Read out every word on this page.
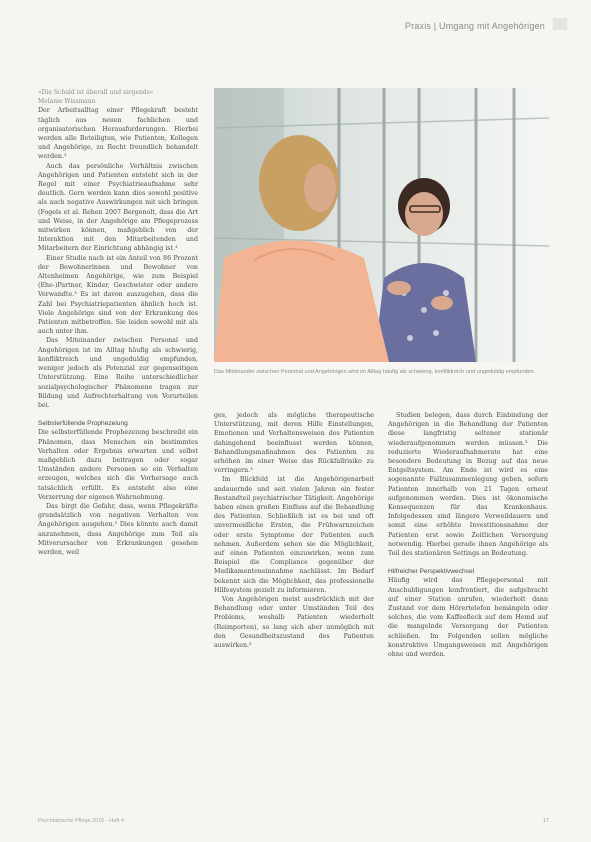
Praxis | Umgang mit Angehörigen

»Die Schuld ist überall und nirgends«

Melanie Wissmann

Der Arbeitsalltag einer Pflegekraft besteht täglich aus neuen fachlichen und organisatorischen Herausforderungen. Hierbei werden alle Beteiligten, wie Patienten, Kollegen und Angehörige, zu Recht freundlich behandelt werden.³

Auch das persönliche Verhältnis zwischen Angehörigen und Patienten entsteht sich in der Regel mit einer Psychiatrieaufnahme sehr deutlich. Gern werden kann dies sowohl positive als auch negative Auswirkungen mit sich bringen (Fogels et al. Rehen 2007 Bergenolt, dass die Art und Weise, in der Angehörige am Pflegeprozess mitwirken können, maßgeblich von der Interaktion mit den Mitarbeitenden und Mitarbeitern der Einrichtung abhängig ist.³

Einer Studie nach ist ein Anteil von 86 Prozent der Bewohnerinnen und Bewohner von Altenheimen Angehörige, wie zum Beispiel (Ehe-)Partner, Kinder, Geschwister oder andere Verwandte.³ Es ist davon auszugehen, dass die Zahl bei Psychiatriepatienten ähnlich hoch ist. Viele Angehörige sind von der Erkrankung des Patienten mitbetroffen. Sie leiden sowohl mit als auch unter ihm.

Das Miteinander zwischen Personal und Angehörigen ist im Alltag häufig als schwierig, konfliktreich und ungeduldig empfunden, weniger jedoch als Potenzial zur gegenseitigen Unterstützung. Eine Reihe unterschiedlicher sozialpsychologischer Phänomene tragen zur Bildung und Aufrechterhaltung von Vorurteilen bei.

Selbsterfüllende Prophezeiung

Die selbsterfüllende Prophezeiung beschreibt ein Phänomen, dass Menschen ein bestimmtes Verhalten oder Ergebnis erwarten und selbst maßgeblich dazu beitragen oder sogar Umständen andere Personen so ein Verhalten erzeugen, welches sich die Vorhersage auch tatsächlich erfüllt. Es entsteht also eine Verzerrung der eigenen Wahrnehmung.

Das birgt die Gefahr, dass, wenn Pflegekräfte grundsätzlich von negativen Verhalten von Angehörigen ausgehen.³ Dies könnte auch damit anzunehmen, dass Angehörige zum Teil als Mitverursacher von Erkrankungen gesehen werden, weil

Das Miteinander zwischen Personal und Angehörigen wird im Alltag häufig als schwierig, konfliktreich und ungeduldig empfunden.

ges, jedoch als mögliche therapeutische Unterstützung, mit deren Hilfe Einstellungen, Emotionen und Verhaltensweisen des Patienten dahingehend beeinflusst werden können, Behandlungsmaßnahmen des Patienten zu erhöhen im einer Weise das Rückfallrisiko zu verringern.³

Im Blickfeld ist die Angehörigenarbeit andauernde und seit vielen Jahren ein fester Bestandteil psychiatrischer Tätigkeit. Angehörige haben einen großen Einfluss auf die Behandlung des Patienten. Schließlich ist es bei und oft unvermeidliche Ersten, die Frühwarnzeichen oder erste Symptome der Patienten auch nehmen. Außerdem sehen sie die Möglichkeit, auf einen Patienten einzuwirken, wenn zum Beispiel die Compliance gegenüber der Medikamenteneinnahme nachlässt. Im Bedarf bekennt sich die Möglichkeit, das professionelle Hilfesystem gezielt zu informieren.

Von Angehörigen meist ausdrücklich mit der Behandlung oder unter Umständen Teil des Problems, weshalb Patienten wiederholt (Reimporten), so lang sich aber unmöglich mit den Gesundheitszustand des Patienten auswirken.³

Studien belegen, dass durch Einbindung der Angehörigen in die Behandlung der Patienten diese langfristig seltener stationär wiederaufgenommen werden müssen.³ Die reduzierte Wiederaufnahmerate hat eine besondere Bedeutung in Bezug auf das neue Entgeltsystem. Am Ende ist wird es eine sogenannte Fallzusammenlegung geben, sofern Patienten innerhalb von 21 Tagen erneut aufgenommen werden. Dies ist ökonomische Konsequenzen für das Krankenhaus. Infolgedessen sind längere Verweildauern und somit eine erhöhte Investitionsnahme der Patienten erst sowie Zeitlichen Versorgung notwendig. Hierbei gerade ihnen Angehörige als Teil des stationären Settings an Bedeutung.

Hilfreicher Perspektivwechsel

Häufig wird das Pflegepersonal mit Anschuldigungen konfrontiert, die aufgebracht auf einer Station anrufen, wiederholt dann Zustand vor dem Hörertelefon bemängeln oder solches, die vom Kaffeefleck auf dem Hemd auf die mangelnde Versorgung der Patienten schließen. Im Folgenden sollen mögliche konstruktive Umgangsweisen mit Angehörigen ohne und werden.

Psychiatrische Pflege 2015 · Heft 4	17
